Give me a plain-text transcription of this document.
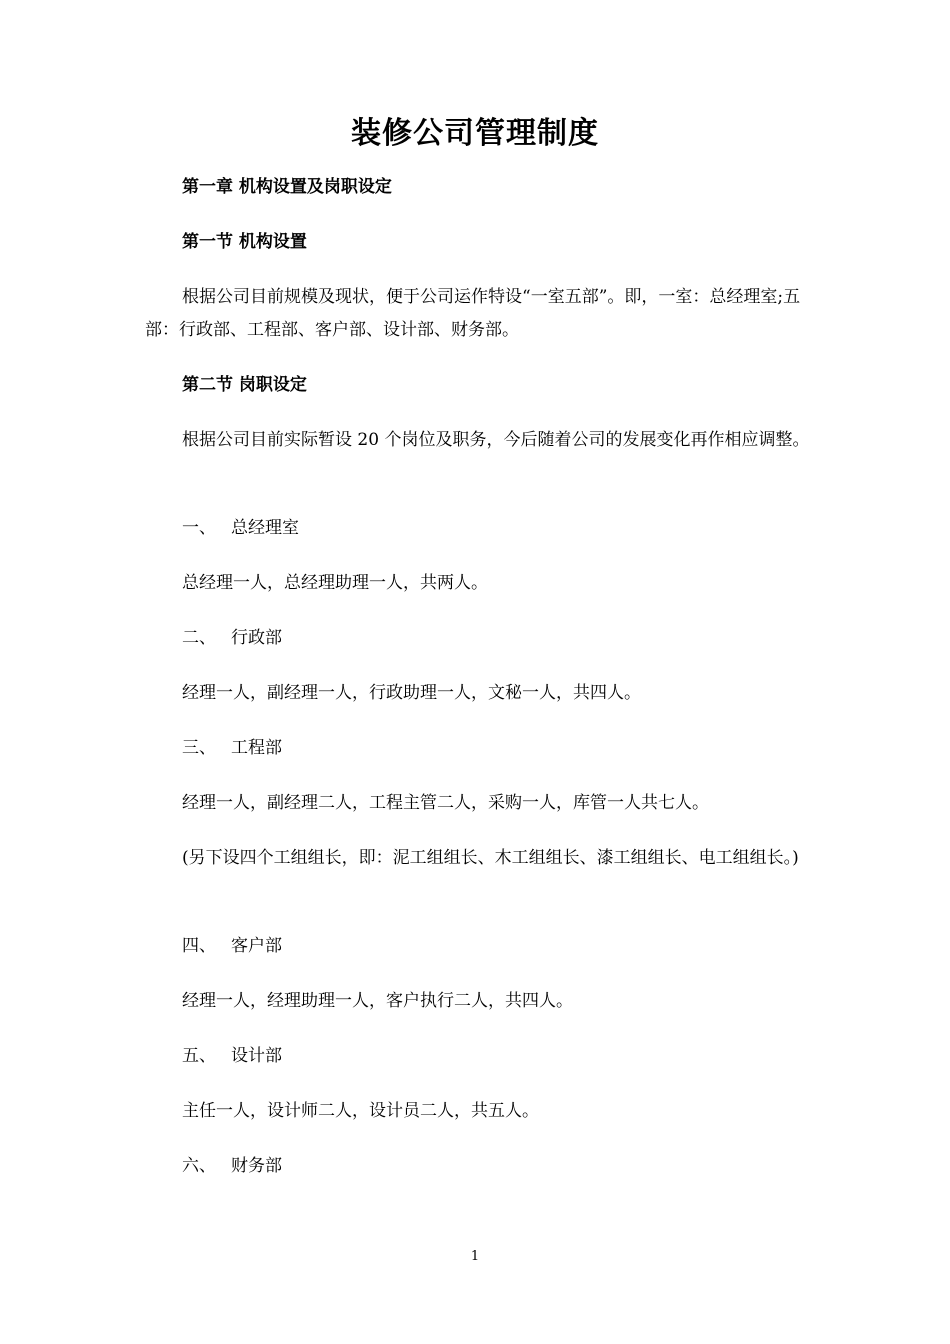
装修公司管理制度
第一章 机构设置及岗职设定
第一节 机构设置
根据公司目前规模及现状，便于公司运作特设“一室五部”。即，一室：总经理室;五部：行政部、工程部、客户部、设计部、财务部。
第二节 岗职设定
根据公司目前实际暂设 20 个岗位及职务，今后随着公司的发展变化再作相应调整。
一、 总经理室
总经理一人，总经理助理一人，共两人。
二、 行政部
经理一人，副经理一人，行政助理一人，文秘一人，共四人。
三、 工程部
经理一人，副经理二人，工程主管二人，采购一人，库管一人共七人。
(另下设四个工组组长，即：泥工组组长、木工组组长、漆工组组长、电工组组长。)
四、 客户部
经理一人，经理助理一人，客户执行二人，共四人。
五、 设计部
主任一人，设计师二人，设计员二人，共五人。
六、 财务部
1
